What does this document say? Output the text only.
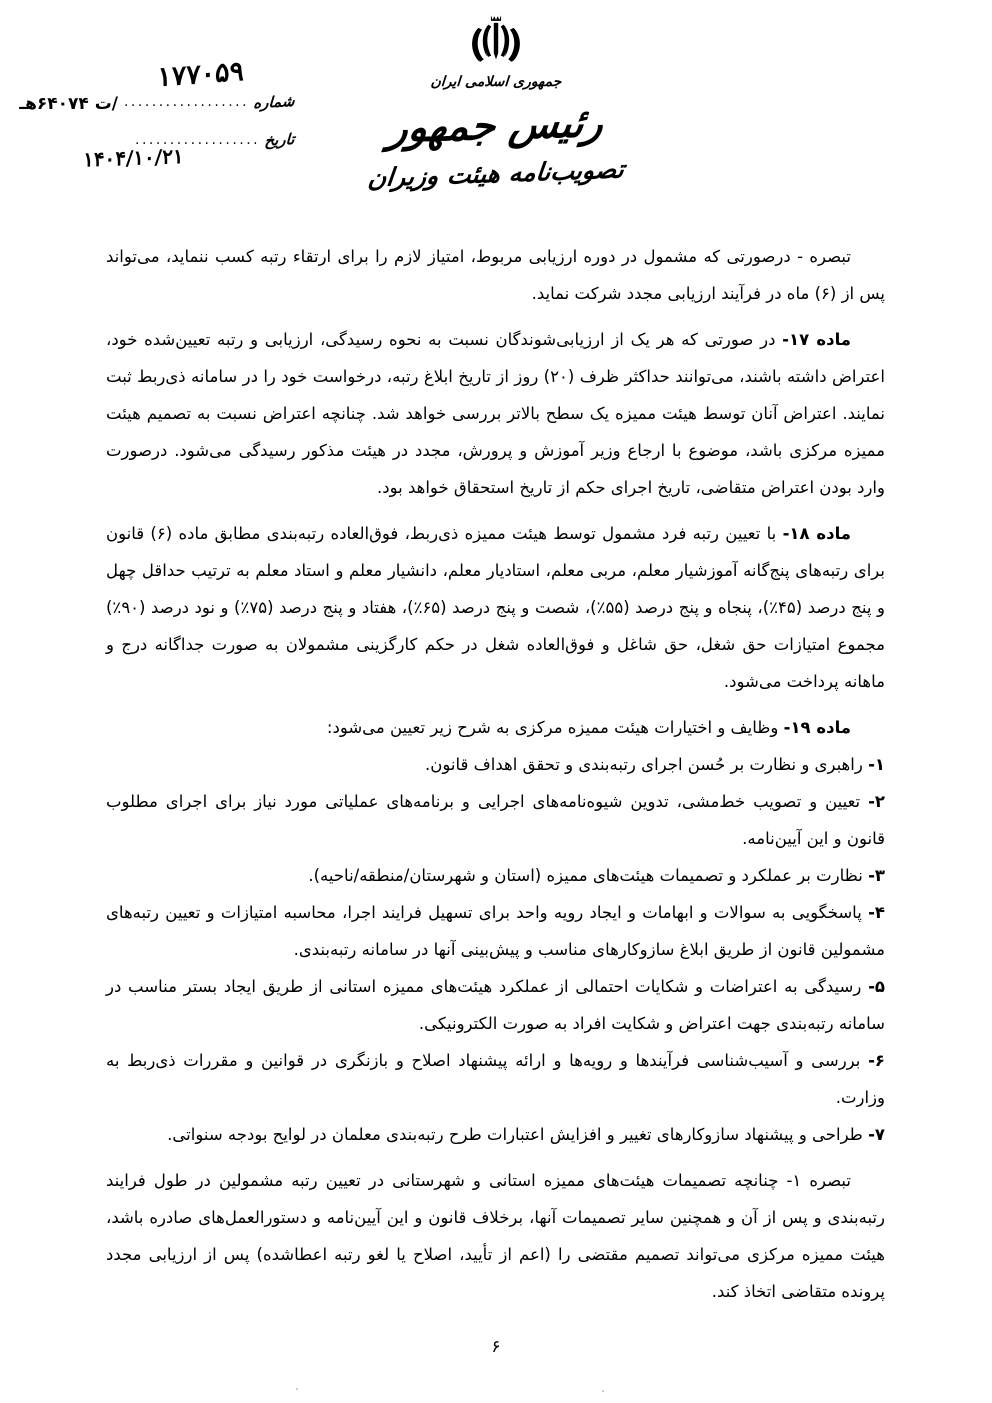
۱۷۷۰۵۹
/ت ۶۴۰۷۴هـ	شماره
..................
تاریخ
..................
۱۴۰۴/۱۰/۲۱
جمهوری اسلامی ایران
رئیس جمهور
تصویب‌نامه هیئت وزیران

تبصره - درصورتی که مشمول در دوره ارزیابی مربوط، امتیاز لازم را برای ارتقاء رتبه کسب ننماید، می‌تواند پس از (۶) ماه در فرآیند ارزیابی مجدد شرکت نماید.

ماده ۱۷- در صورتی که هر یک از ارزیابی‌شوندگان نسبت به نحوه رسیدگی، ارزیابی و رتبه تعیین‌شده خود، اعتراض داشته باشند، می‌توانند حداکثر ظرف (۲۰) روز از تاریخ ابلاغ رتبه، درخواست خود را در سامانه ذی‌ربط ثبت نمایند. اعتراض آنان توسط هیئت ممیزه یک سطح بالاتر بررسی خواهد شد. چنانچه اعتراض نسبت به تصمیم هیئت ممیزه مرکزی باشد، موضوع با ارجاع وزیر آموزش و پرورش، مجدد در هیئت مذکور رسیدگی می‌شود. درصورت وارد بودن اعتراض متقاضی، تاریخ اجرای حکم از تاریخ استحقاق خواهد بود.

ماده ۱۸- با تعیین رتبه فرد مشمول توسط هیئت ممیزه ذی‌ربط، فوق‌العاده رتبه‌بندی مطابق ماده (۶) قانون برای رتبه‌های پنج‌گانه آموزشیار معلم، مربی معلم، استادیار معلم، دانشیار معلم و استاد معلم به ترتیب حداقل چهل و پنج درصد (۴۵٪)، پنجاه و پنج درصد (۵۵٪)، شصت و پنج درصد (۶۵٪)، هفتاد و پنج درصد (۷۵٪) و نود درصد (۹۰٪) مجموع امتیازات حق شغل، حق شاغل و فوق‌العاده شغل در حکم کارگزینی مشمولان به صورت جداگانه درج و ماهانه پرداخت می‌شود.

ماده ۱۹- وظایف و اختیارات هیئت ممیزه مرکزی به شرح زیر تعیین می‌شود:

۱- راهبری و نظارت بر حُسن اجرای رتبه‌بندی و تحقق اهداف قانون.

۲- تعیین و تصویب خط‌مشی، تدوین شیوه‌نامه‌های اجرایی و برنامه‌های عملیاتی مورد نیاز برای اجرای مطلوب قانون و این آیین‌نامه.

۳- نظارت بر عملکرد و تصمیمات هیئت‌های ممیزه (استان و شهرستان/منطقه/ناحیه).

۴- پاسخگویی به سوالات و ابهامات و ایجاد رویه واحد برای تسهیل فرایند اجرا، محاسبه امتیازات و تعیین رتبه‌های مشمولین قانون از طریق ابلاغ سازوکارهای مناسب و پیش‌بینی آنها در سامانه رتبه‌بندی.

۵- رسیدگی به اعتراضات و شکایات احتمالی از عملکرد هیئت‌های ممیزه استانی از طریق ایجاد بستر مناسب در سامانه رتبه‌بندی جهت اعتراض و شکایت افراد به صورت الکترونیکی.

۶- بررسی و آسیب‌شناسی فرآیندها و رویه‌ها و ارائه پیشنهاد اصلاح و بازنگری در قوانین و مقررات ذی‌ربط به وزارت.

۷- طراحی و پیشنهاد سازوکارهای تغییر و افزایش اعتبارات طرح رتبه‌بندی معلمان در لوایح بودجه سنواتی.

تبصره ۱- چنانچه تصمیمات هیئت‌های ممیزه استانی و شهرستانی در تعیین رتبه مشمولین در طول فرایند رتبه‌بندی و پس از آن و همچنین سایر تصمیمات آنها، برخلاف قانون و این آیین‌نامه و دستورالعمل‌های صادره باشد، هیئت ممیزه مرکزی می‌تواند تصمیم مقتضی را (اعم از تأیید، اصلاح یا لغو رتبه اعطاشده) پس از ارزیابی مجدد پرونده متقاضی اتخاذ کند.

۶
